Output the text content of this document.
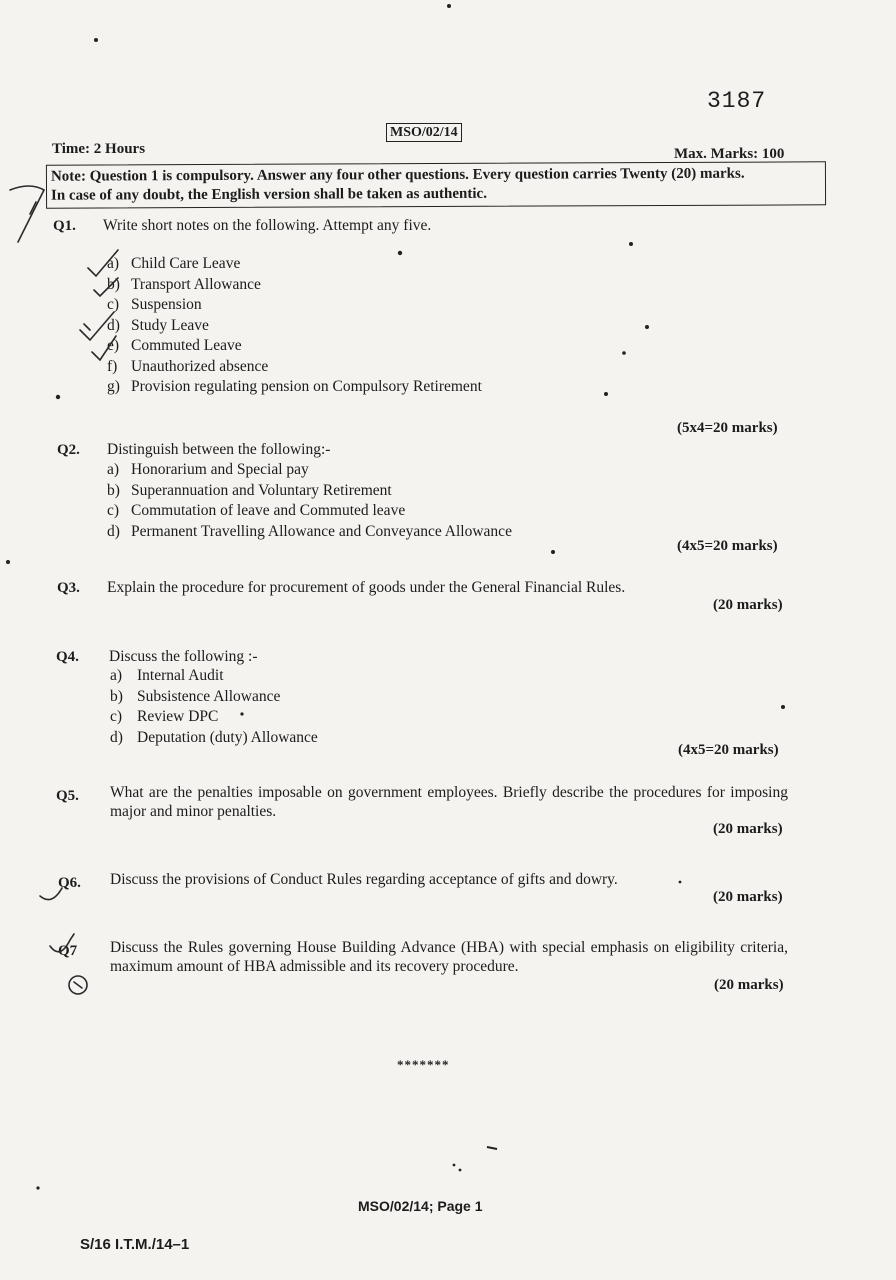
3187
MSO/02/14
Time: 2 Hours	Max. Marks: 100
Note: Question 1 is compulsory. Answer any four other questions. Every question carries Twenty (20) marks.
In case of any doubt, the English version shall be taken as authentic.
Q1. Write short notes on the following. Attempt any five.
a) Child Care Leave
b) Transport Allowance
c) Suspension
d) Study Leave
e) Commuted Leave
f) Unauthorized absence
g) Provision regulating pension on Compulsory Retirement
(5x4=20 marks)
Q2. Distinguish between the following:-
a) Honorarium and Special pay
b) Superannuation and Voluntary Retirement
c) Commutation of leave and Commuted leave
d) Permanent Travelling Allowance and Conveyance Allowance
(4x5=20 marks)
Q3. Explain the procedure for procurement of goods under the General Financial Rules.
(20 marks)
Q4. Discuss the following :-
a) Internal Audit
b) Subsistence Allowance
c) Review DPC
d) Deputation (duty) Allowance
(4x5=20 marks)
Q5. What are the penalties imposable on government employees. Briefly describe the procedures for imposing major and minor penalties.
(20 marks)
Q6. Discuss the provisions of Conduct Rules regarding acceptance of gifts and dowry.
(20 marks)
Q7 Discuss the Rules governing House Building Advance (HBA) with special emphasis on eligibility criteria, maximum amount of HBA admissible and its recovery procedure.
(20 marks)
*******
MSO/02/14; Page 1
S/16 I.T.M./14–1
